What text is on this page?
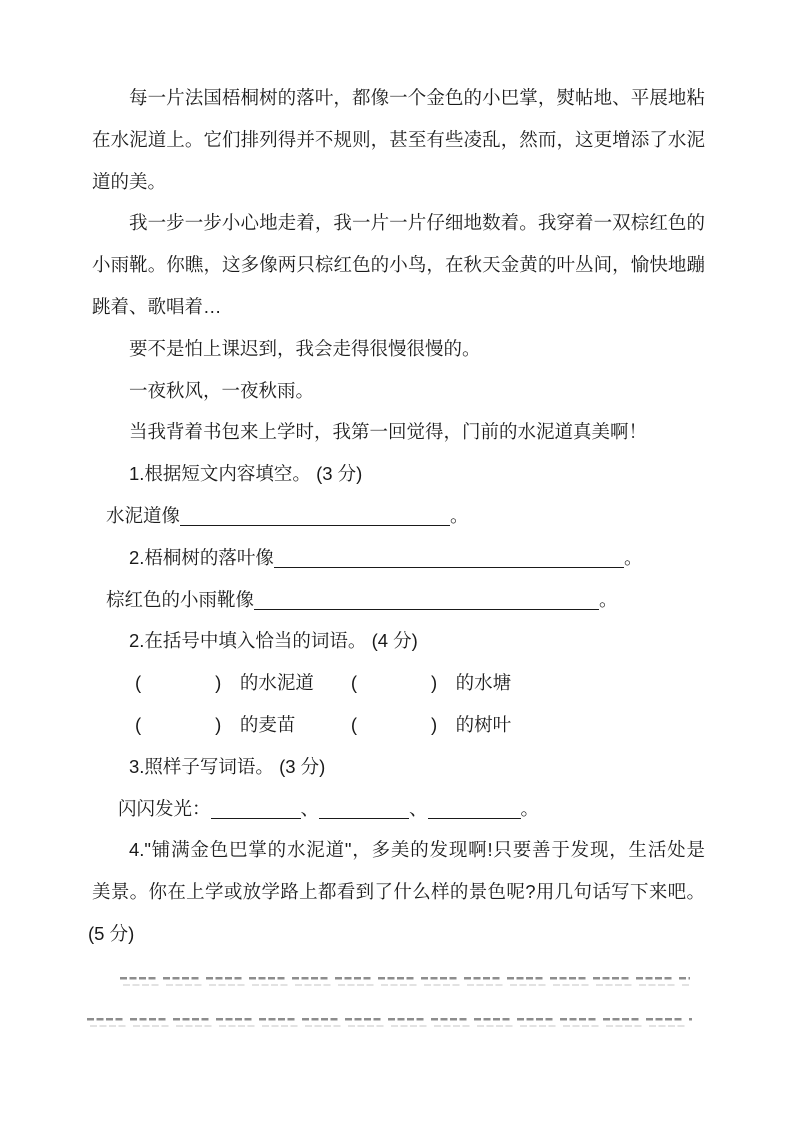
每一片法国梧桐树的落叶，都像一个金色的小巴掌，熨帖地、平展地粘

在水泥道上。它们排列得并不规则，甚至有些凌乱，然而，这更增添了水泥

道的美。

我一步一步小心地走着，我一片一片仔细地数着。我穿着一双棕红色的

小雨靴。你瞧，这多像两只棕红色的小鸟，在秋天金黄的叶丛间，愉快地蹦

跳着、歌唱着…

要不是怕上课迟到，我会走得很慢很慢的。

一夜秋风，一夜秋雨。

当我背着书包来上学时，我第一回觉得，门前的水泥道真美啊！

1.根据短文内容填空。 (3 分)

水泥道像	。

2.梧桐树的落叶像	。

棕红色的小雨靴像	。

2.在括号中填入恰当的词语。 (4 分)

(　　　　)　的水泥道　　(　　　　)　的水塘

(　　　　)　的麦苗　　　(　　　　)　的树叶

3.照样子写词语。 (3 分)

闪闪发光：	、	、	。

4."铺满金色巴掌的水泥道"，多美的发现啊!只要善于发现，生活处是

美景。你在上学或放学路上都看到了什么样的景色呢?用几句话写下来吧。

(5 分)
